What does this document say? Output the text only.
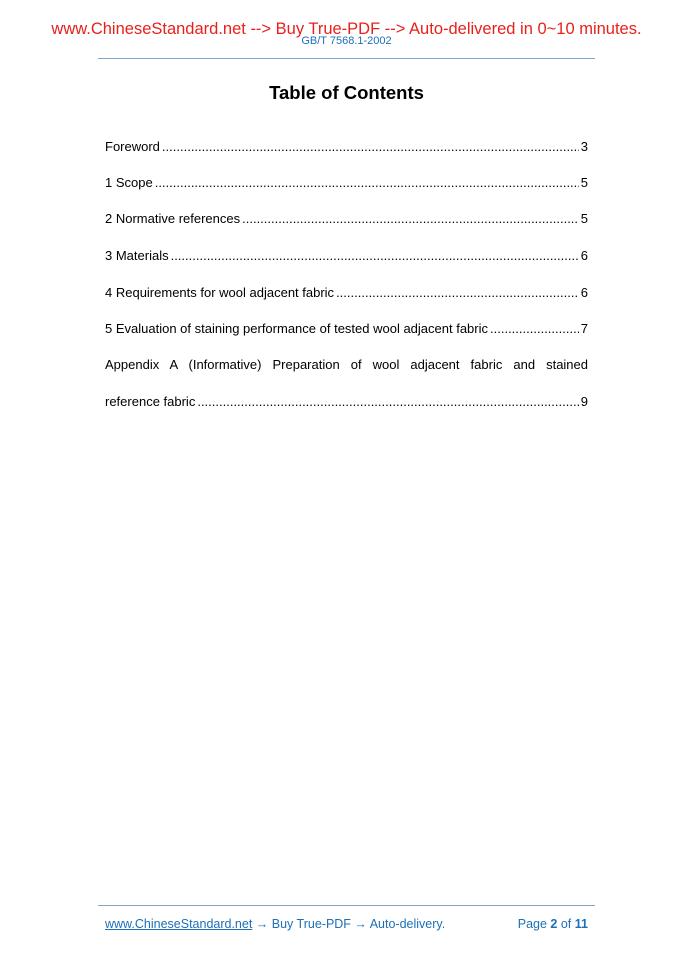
www.ChineseStandard.net --> Buy True-PDF --> Auto-delivered in 0~10 minutes.
GB/T 7568.1-2002
Table of Contents
Foreword .....	3
1 Scope .....	5
2 Normative references .....	5
3 Materials .....	6
4 Requirements for wool adjacent fabric .....	6
5 Evaluation of staining performance of tested wool adjacent fabric .....	7
Appendix A (Informative) Preparation of wool adjacent fabric and stained
reference fabric .....	9
www.ChineseStandard.net → Buy True-PDF → Auto-delivery.	Page 2 of 11
